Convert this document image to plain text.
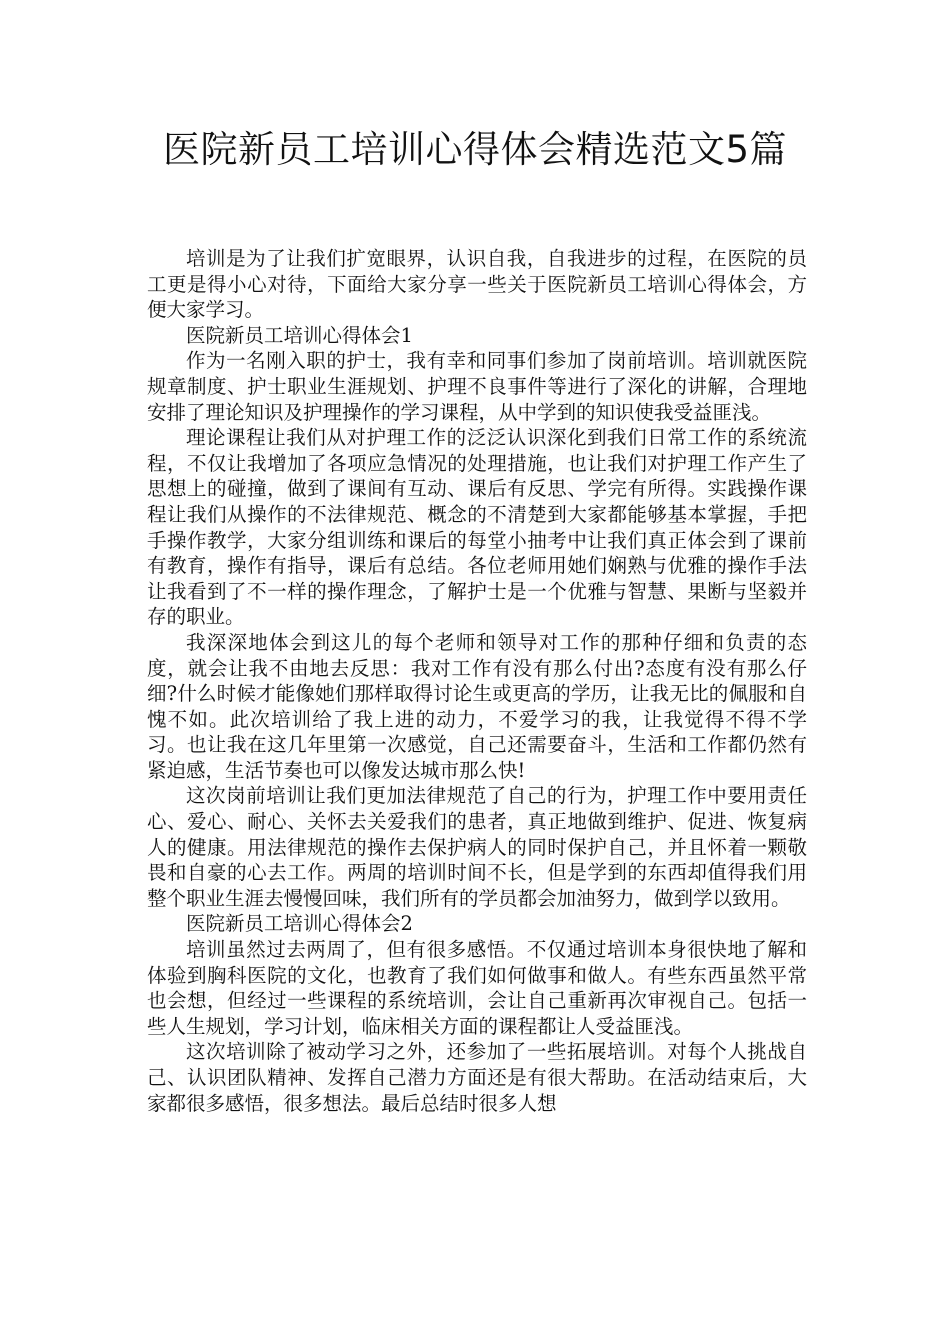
医院新员工培训心得体会精选范文5篇

培训是为了让我们扩宽眼界，认识自我，自我进步的过程，在医院的员工更是得小心对待，下面给大家分享一些关于医院新员工培训心得体会，方便大家学习。

医院新员工培训心得体会1

作为一名刚入职的护士，我有幸和同事们参加了岗前培训。培训就医院规章制度、护士职业生涯规划、护理不良事件等进行了深化的讲解，合理地安排了理论知识及护理操作的学习课程，从中学到的知识使我受益匪浅。

理论课程让我们从对护理工作的泛泛认识深化到我们日常工作的系统流程，不仅让我增加了各项应急情况的处理措施，也让我们对护理工作产生了思想上的碰撞，做到了课间有互动、课后有反思、学完有所得。实践操作课程让我们从操作的不法律规范、概念的不清楚到大家都能够基本掌握，手把手操作教学，大家分组训练和课后的每堂小抽考中让我们真正体会到了课前有教育，操作有指导，课后有总结。各位老师用她们娴熟与优雅的操作手法让我看到了不一样的操作理念，了解护士是一个优雅与智慧、果断与坚毅并存的职业。

我深深地体会到这儿的每个老师和领导对工作的那种仔细和负责的态度，就会让我不由地去反思：我对工作有没有那么付出?态度有没有那么仔细?什么时候才能像她们那样取得讨论生或更高的学历，让我无比的佩服和自愧不如。此次培训给了我上进的动力，不爱学习的我，让我觉得不得不学习。也让我在这几年里第一次感觉，自己还需要奋斗，生活和工作都仍然有紧迫感，生活节奏也可以像发达城市那么快!

这次岗前培训让我们更加法律规范了自己的行为，护理工作中要用责任心、爱心、耐心、关怀去关爱我们的患者，真正地做到维护、促进、恢复病人的健康。用法律规范的操作去保护病人的同时保护自己，并且怀着一颗敬畏和自豪的心去工作。两周的培训时间不长，但是学到的东西却值得我们用整个职业生涯去慢慢回味，我们所有的学员都会加油努力，做到学以致用。

医院新员工培训心得体会2

培训虽然过去两周了，但有很多感悟。不仅通过培训本身很快地了解和体验到胸科医院的文化，也教育了我们如何做事和做人。有些东西虽然平常也会想，但经过一些课程的系统培训，会让自己重新再次审视自己。包括一些人生规划，学习计划，临床相关方面的课程都让人受益匪浅。

这次培训除了被动学习之外，还参加了一些拓展培训。对每个人挑战自己、认识团队精神、发挥自己潜力方面还是有很大帮助。在活动结束后，大家都很多感悟，很多想法。最后总结时很多人想
